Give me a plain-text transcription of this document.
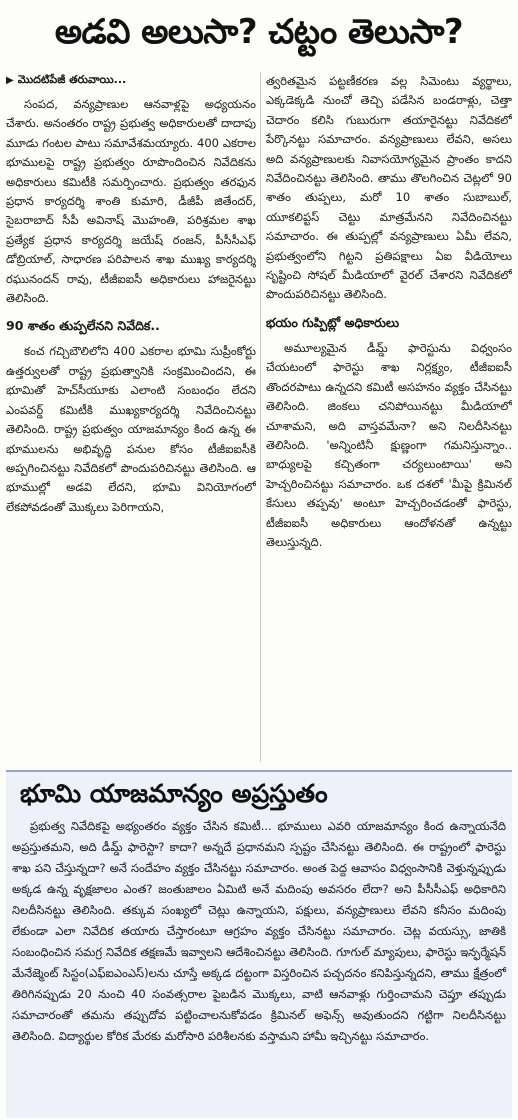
అడవి అలుసా? చట్టం తెలుసా?
▶ మొదటిపేజీ తరువాయి...

సంపద, వన్యప్రాణుల ఆనవాళ్లపై అధ్యయనం చేశారు. అనంతరం రాష్ట్ర ప్రభుత్వ అధికారులతో దాదాపు మూడు గంటల పాటు సమావేశమయ్యారు. 400 ఎకరాల భూములపై రాష్ట్ర ప్రభుత్వం రూపొందించిన నివేదికను అధికారులు కమిటీకి సమర్పించారు. ప్రభుత్వం తరఫున ప్రధాన కార్యదర్శి శాంతి కుమారి, డీజీపీ జితేందర్, సైబరాబాద్ సీపీ అవినాష్ మొహంతి, పరిశ్రమల శాఖ ప్రత్యేక ప్రధాన కార్యదర్శి జయేష్ రంజన్, పీసీసీఎఫ్ డోబ్రియాల్, సాధారణ పరిపాలన శాఖ ముఖ్య కార్యదర్శి రఘునందన్ రావు, టీజీఐఐసీ అధికారులు హాజరైనట్టు తెలిసింది.

90 శాతం తుప్పలేనని నివేదిక..

కంచ గచ్చిబౌలిలోని 400 ఎకరాల భూమి సుప్రీంకోర్టు ఉత్తర్వులతో రాష్ట్ర ప్రభుత్వానికి సంక్రమించిందని, ఈ భూమితో హెచ్‌సీయూకు ఎలాంటి సంబంధం లేదని ఎంపవర్డ్ కమిటీకి ముఖ్యకార్యదర్శి నివేదించినట్టు తెలిసింది. రాష్ట్ర ప్రభుత్వం యాజమాన్యం కింద ఉన్న ఈ భూములను అభివృద్ధి పనుల కోసం టీజీఐఐసీకి అప్పగించినట్టు నివేదికలో పొందుపరిచినట్టు తెలిసింది. ఆ భూముల్లో అడవి లేదని, భూమి వినియోగంలో లేకపోవడంతో మొక్కలు పెరిగాయని,

త్వరితమైన పట్టణీకరణ వల్ల సిమెంటు వ్యర్థాలు, ఎక్కడెక్కడి నుంచో తెచ్చి పడేసిన బండరాళ్లు, చెత్తా చెదారం కలిసి గుబురుగా తయారైనట్టు నివేదికలో పేర్కొనట్టు సమాచారం. వన్యప్రాణులు లేవని, అసలు అది వన్యప్రాణులకు నివాసయోగ్యమైన ప్రాంతం కాదని నివేదించినట్టు తెలిసింది. తాము తొలగించిన చెట్లలో 90 శాతం తుప్పలు, మరో 10 శాతం సుబాబుల్, యూకలిప్టస్ చెట్టు మాత్రమేనని నివేదించినట్టు సమాచారం. ఈ తుప్పల్లో వన్యప్రాణులు ఏమీ లేవని, ప్రభుత్వంలోని గిట్టని ప్రతిపక్షాలు ఏఐ వీడియోలు సృష్టించి సోషల్ మీడియాలో వైరల్ చేశారని నివేదికలో పొందుపరిచినట్టు తెలిసింది.

భయం గుప్పిట్లో అధికారులు

అమూల్యమైన డీమ్డ్ ఫారెస్టును విధ్వంసం చేయటంలో ఫారెస్టు శాఖ నిర్లక్ష్యం, టీజీఐఐసీ తొందరపాటు ఉన్నదని కమిటీ అసహనం వ్యక్తం చేసినట్టు తెలిసింది. జింకలు చనిపోయినట్టు మీడియాలో చూశామని, అది వాస్తవమేనా? అని నిలదీసినట్టు తెలిసింది. 'అన్నింటినీ క్షుణ్ణంగా గమనిస్తున్నాం.. బాధ్యులపై కచ్చితంగా చర్యలుంటాయి' అని హెచ్చరించినట్టు సమాచారం. ఒక దశలో 'మీపై క్రిమినల్ కేసులు తప్పవు' అంటూ హెచ్చరించడంతో ఫారెస్టు, టీజీఐఐసీ అధికారులు ఆందోళనతో ఉన్నట్టు తెలుస్తున్నది.

భూమి యాజమాన్యం అప్రస్తుతం

ప్రభుత్వ నివేదికపై అభ్యంతరం వ్యక్తం చేసిన కమిటీ... భూములు ఎవరి యాజమాన్యం కింద ఉన్నాయనేది అప్రస్తుతమని, అది డీమ్డ్ ఫారెస్టా? కాదా? అన్నదే ప్రధానమని స్పష్టం చేసినట్టు తెలిసింది. ఈ రాష్ట్రంలో ఫారెస్టు శాఖ పని చేస్తున్నదా? అనే సందేహం వ్యక్తం చేసినట్టు సమాచారం. అంత పెద్ద ఆవాసం విధ్వంసానికి వెళ్తున్నప్పుడు అక్కడ ఉన్న వృక్షజాలం ఎంత? జంతుజాలం ఏమిటి అనే మదింపు అవసరం లేదా? అని పీసీసీఎఫ్ అధికారిని నిలదీసినట్టు తెలిసింది. తక్కువ సంఖ్యలో చెట్లు ఉన్నాయని, పక్షులు, వన్యప్రాణులు లేవని కనీసం మదింపు లేకుండా ఎలా నివేదిక తయారు చేస్తారంటూ ఆగ్రహం వ్యక్తం చేసినట్టు సమాచారం. చెట్ల వయస్సు, జాతికి సంబంధించిన సమగ్ర నివేదిక తక్షణమే ఇవ్వాలని ఆదేశించినట్టు తెలిసింది. గూగుల్ మ్యాపులు, ఫారెస్టు ఇన్ఫర్మేషన్ మేనేజ్మెంట్ సిస్టం(ఎఫ్ఐఎంఎస్)లను చూస్తే అక్కడ దట్టంగా విస్తరించిన పచ్చదనం కనిపిస్తున్నదని, తాము క్షేత్రంలో తిరిగినప్పుడు 20 నుంచి 40 సంవత్సరాల పైబడిన మొక్కలు, వాటి ఆనవాళ్లు గుర్తించామని చెప్తూ తప్పుడు సమాచారంతో తమను తప్పుదోవ పట్టించాలనుకోవడం క్రిమినల్ అఫెన్స్ అవుతుందని గట్టిగా నిలదీసినట్టు తెలిసింది. విద్యార్థుల కోరిక మేరకు మరోసారి పరిశీలనకు వస్తామని హామీ ఇచ్చినట్టు సమాచారం.
